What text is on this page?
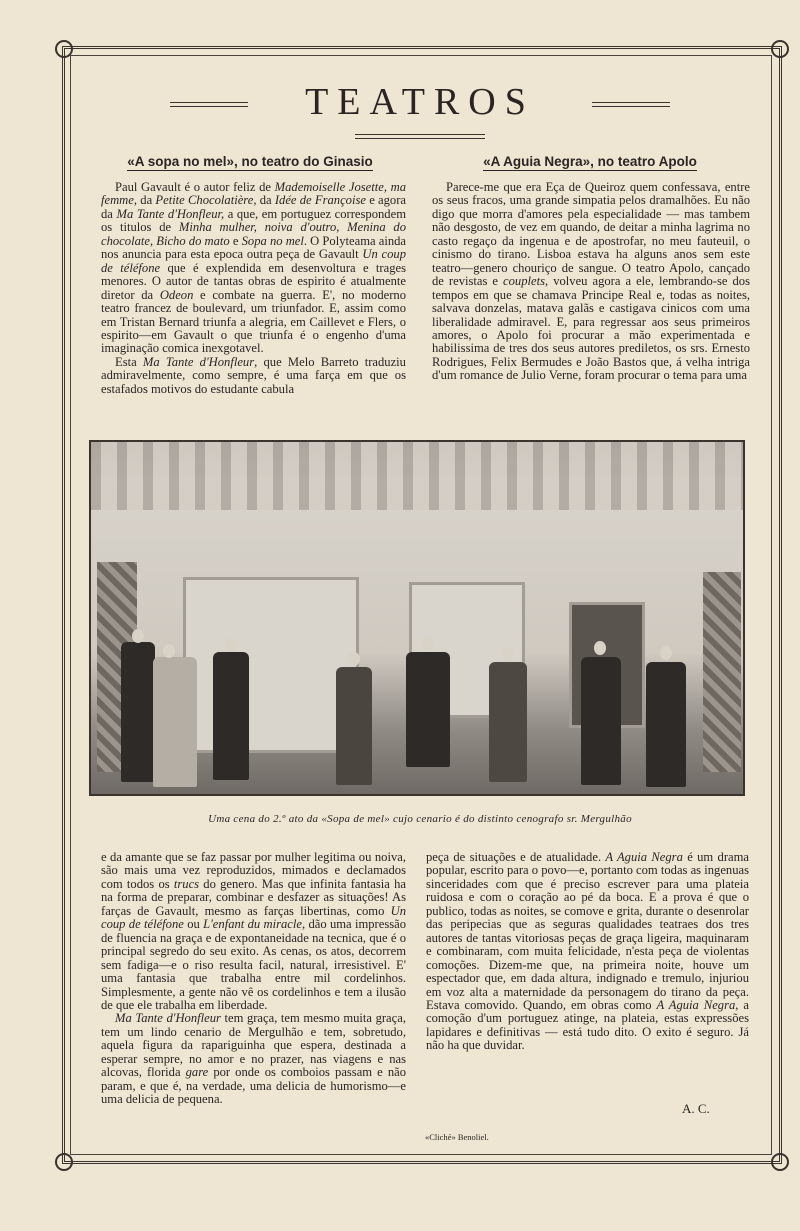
TEATROS
«A sopa no mel», no teatro do Ginasio	«A Aguia Negra», no teatro Apolo

Paul Gavault é o autor feliz de Mademoiselle Josette, ma femme, da Petite Chocolatière, da Idée de Françoise e agora da Ma Tante d'Honfleur, a que, em portuguez correspondem os titulos de Minha mulher, noiva d'outro, Menina do chocolate, Bicho do mato e Sopa no mel. O Polyteama ainda nos anuncia para esta epoca outra peça de Gavault Un coup de téléfone que é explendida em desenvoltura e trages menores. O autor de tantas obras de espirito é atualmente diretor da Odeon e combate na guerra. E', no moderno teatro francez de boulevard, um triunfador. E, assim como em Tristan Bernard triunfa a alegria, em Caillevet e Flers, o espirito—em Gavault o que triunfa é o engenho d'uma imaginação comica inexgotavel.

Esta Ma Tante d'Honfleur, que Melo Barreto traduziu admiravelmente, como sempre, é uma farça em que os estafados motivos do estudante cabula

Parece-me que era Eça de Queiroz quem confessava, entre os seus fracos, uma grande simpatia pelos dramalhões. Eu não digo que morra d'amores pela especialidade — mas tambem não desgosto, de vez em quando, de deitar a minha lagrima no casto regaço da ingenua e de apostrofar, no meu fauteuil, o cinismo do tirano. Lisboa estava ha alguns anos sem este teatro—genero chouriço de sangue. O teatro Apolo, cançado de revistas e couplets, volveu agora a ele, lembrando-se dos tempos em que se chamava Principe Real e, todas as noites, salvava donzelas, matava galãs e castigava cinicos com uma liberalidade admiravel. E, para regressar aos seus primeiros amores, o Apolo foi procurar a mão experimentada e habilissima de tres dos seus autores prediletos, os srs. Ernesto Rodrigues, Felix Bermudes e João Bastos que, á velha intriga d'um romance de Julio Verne, foram procurar o tema para uma

Uma cena do 2.º ato da «Sopa de mel» cujo cenario é do distinto cenografo sr. Mergulhão

e da amante que se faz passar por mulher legitima ou noiva, são mais uma vez reproduzidos, mimados e declamados com todos os trucs do genero. Mas que infinita fantasia ha na forma de preparar, combinar e desfazer as situações! As farças de Gavault, mesmo as farças libertinas, como Un coup de téléfone ou L'enfant du miracle, dão uma impressão de fluencia na graça e de expontaneidade na tecnica, que é o principal segredo do seu exito. As cenas, os atos, decorrem sem fadiga—e o riso resulta facil, natural, irresistivel. E' uma fantasia que trabalha entre mil cordelinhos. Simplesmente, a gente não vê os cordelinhos e tem a ilusão de que ele trabalha em liberdade.

Ma Tante d'Honfleur tem graça, tem mesmo muita graça, tem um lindo cenario de Mergulhão e tem, sobretudo, aquela figura da rapariguinha que espera, destinada a esperar sempre, no amor e no prazer, nas viagens e nas alcovas, florida gare por onde os comboios passam e não param, e que é, na verdade, uma delicia de humorismo—e uma delicia de pequena.

peça de situações e de atualidade. A Aguia Negra é um drama popular, escrito para o povo—e, portanto com todas as ingenuas sinceridades com que é preciso escrever para uma plateia ruidosa e com o coração ao pé da boca. E a prova é que o publico, todas as noites, se comove e grita, durante o desenrolar das peripecias que as seguras qualidades teatraes dos tres autores de tantas vitoriosas peças de graça ligeira, maquinaram e combinaram, com muita felicidade, n'esta peça de violentas comoções. Dizem-me que, na primeira noite, houve um espectador que, em dada altura, indignado e tremulo, injuriou em voz alta a maternidade da personagem do tirano da peça. Estava comovido. Quando, em obras como A Aguia Negra, a comoção d'um portuguez atinge, na plateia, estas expressões lapidares e definitivas — está tudo dito. O exito é seguro. Já não ha que duvidar.

A. C.
«Cliché» Benoliel.
